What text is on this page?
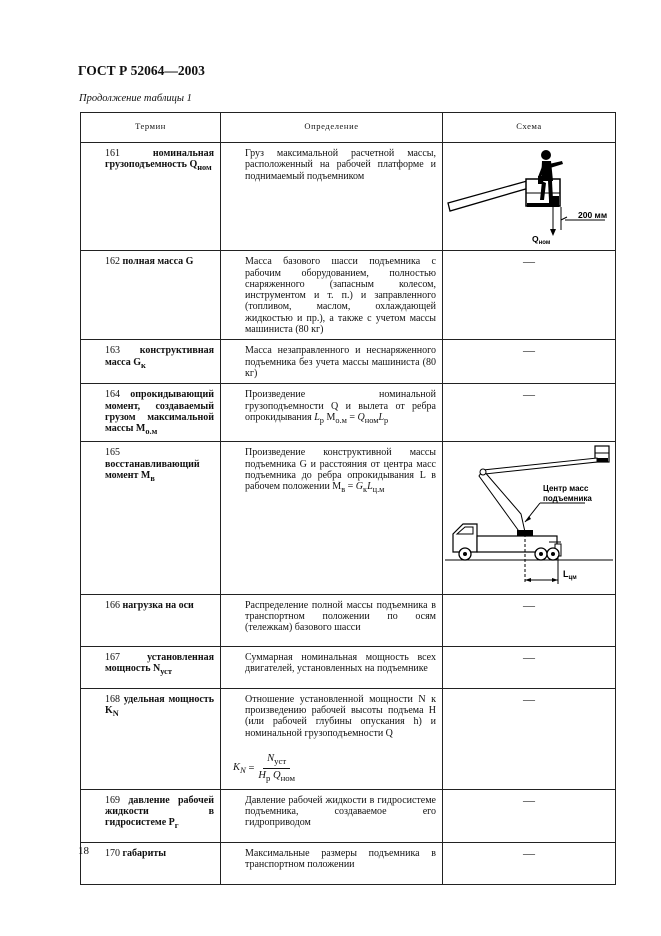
ГОСТ Р 52064—2003
Продолжение таблицы 1
Термин	Определение	Схема

161 номинальная грузоподъемность $Q_{ном}$	Груз максимальной расчетной массы, расположенный на рабочей платформе и поднимаемый подъемником	200 мм
$Q_{ном}$

162 полная масса G	Масса базового шасси подъемника с рабочим оборудованием, полностью снаряженного (запасным колесом, инструментом и т. п.) и заправленного (топливом, маслом, охлаждающей жидкостью и пр.), а также с учетом массы машиниста (80 кг)	—

163 конструктивная масса $G_к$	Масса незаправленного и неснаряженного подъемника без учета массы машиниста (80 кг)	—

164 опрокидывающий момент, создаваемый грузом максимальной массы $M_{о.м}$	Произведение номинальной грузоподъемности Q и вылета от ребра опрокидывания $L_р$ $M_{о.м} = Q_{ном}L_р$	—

165 восстанавливающий момент $M_в$	Произведение конструктивной массы подъемника G и расстояния от центра масс подъемника до ребра опрокидывания L в рабочем положении $M_в = G_кL_{ц.м}$	Центр масс
подъемника
$L_{цм}$

166 нагрузка на оси	Распределение полной массы подъемника в транспортном положении по осям (тележкам) базового шасси	—

167 установленная мощность $N_{уст}$	Суммарная номинальная мощность всех двигателей, установленных на подъемнике	—

168 удельная мощность $K_N$	Отношение установленной мощности N к произведению рабочей высоты подъема H (или рабочей глубины опускания h) и номинальной грузоподъемности Q
$K_N = \frac{N_{уст}}{H_р Q_{ном}}$	—

169 давление рабочей жидкости в гидросистеме $P_г$	Давление рабочей жидкости в гидросистеме подъемника, создаваемое его гидроприводом	—

170 габариты	Максимальные размеры подъемника в транспортном положении	—
18
